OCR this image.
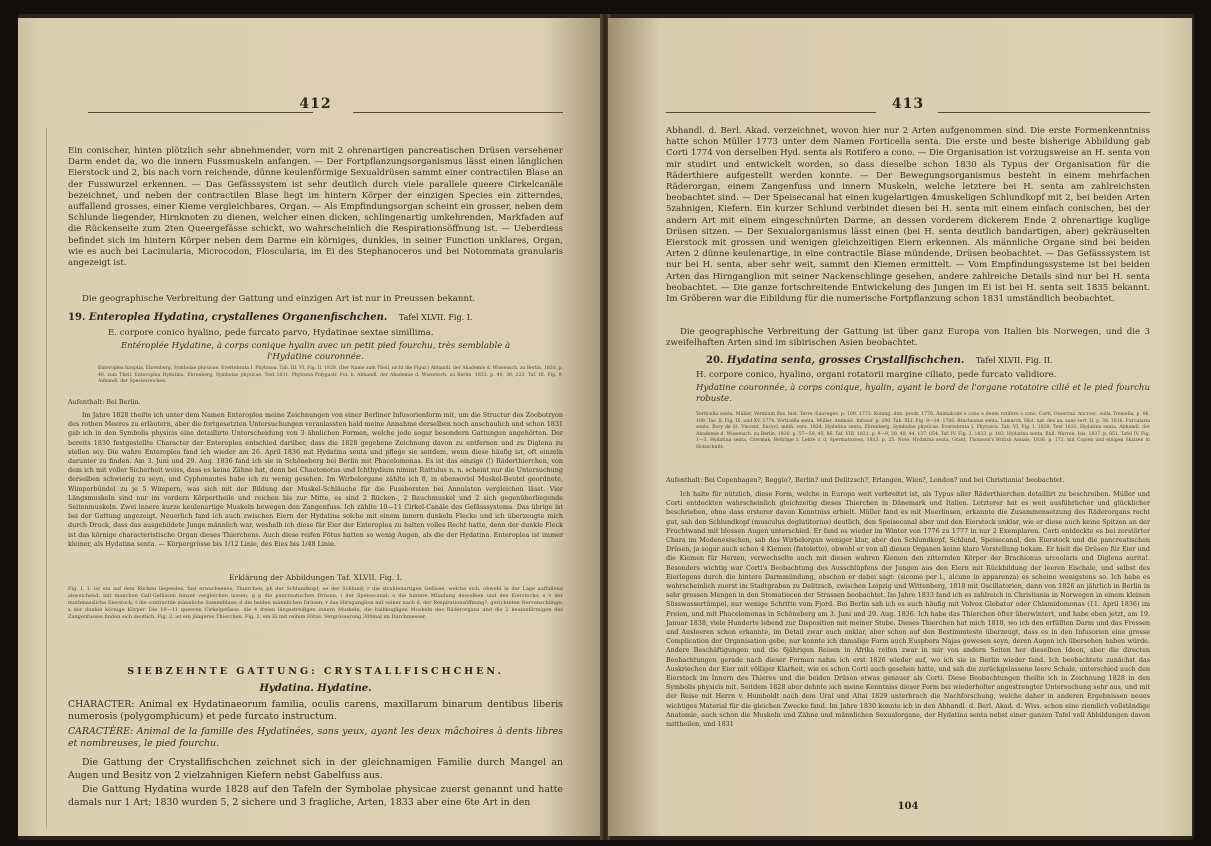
412
Ein conischer, hinten plötzlich sehr abnehmender, vorn mit 2 ohrenartigen pancreatischen Drüsen versehener Darm endet da, wo die innern Fussmuskeln anfangen. — Der Fortpflanzungsorganismus lässt einen länglichen Eierstock und 2, bis nach vorn reichende, dünne keulenförmige Sexualdrüsen sammt einer contractilen Blase an der Fusswurzel erkennen. — Das Gefässsystem ist sehr deutlich durch viele parallele queere Cirkelcanäle bezeichnet, und neben der contractilen Blase liegt im hintern Körper der einzigen Species ein zitterndes, auffallend grosses, einer Kieme vergleichbares, Organ. — Als Empfindungsorgan scheint ein grosser, neben dem Schlunde liegender, Hirnknoten zu dienen, welcher einen dicken, schlingenartig umkehrenden, Markfaden auf die Rückenseite zum 2ten Queergefässe schickt, wo wahrscheinlich die Respirationsöffnung ist. — Ueberdiess befindet sich im hintern Körper neben dem Darme ein körniges, dunkles, in seiner Function unklares, Organ, wie es auch bei Lacinularia, Microcodon, Floscularia, im Ei des Stephanoceros und bei Notommata granularis angezeigt ist.
Die geographische Verbreitung der Gattung und einzigen Art ist nur in Preussen bekannt.
19. Enteroplea Hydatina, crystallenes Organenfischchen. Tafel XLVII. Fig. I.
E. corpore conico hyalino, pede furcato parvo, Hydatinae sextae simillima.
Entéroplée Hydatine, à corps conique hyalin avec un petit pied fourchu, très semblable à l'Hydatine couronnée.
Enteroplea hauptia, Ehrenberg, Symbolae physicae. Evertebrata I. Phytozoa. Tab. III. VI. Fig. II. 1828. (Der Name zum Theil, nicht die Figur.) Abhandl. der Akademie d. Wissensch. zu Berlin, 1830. p. 46. zum Theil. Enteroplea Hydatina, Ehrenberg, Symbolae physicae. Text 1831. Phytozoa Polygastr. Fol. b. Abhandl. der Akademie d. Wissensch. zu Berlin, 1833. p. 40, 30, 223. Taf. III. Fig. 9. Abhandl. der Speciesreichen.
Aufenthalt: Bei Berlin.
Im Jahre 1828 theilte ich unter dem Namen Enteroplea meine Zeichnungen von einer Berliner Infusorienform mit, um die Structur des Zoobotryon des rothen Meeres zu erläutern, aber die fortgesetzten Untersuchungen veranlassten bald meine Annahme derselben noch anschaulich und schon 1831 gab ich in den Symbolis physicis eine detaillirte Unterscheidung von 3 ähnlichen Formen, welche jede sogar besondern Gattungen angehörten. Der bereits 1830 festgestellte Character der Enteroplea entschied darüber, dass die 1828 gegebene Zeichnung davon zu entfernen und zu Diglena zu stellen sey. Die wahre Enteroplea fand ich wieder am 26. April 1836 mit Hydatina senta und pflege sie seitdem, wenn diese häufig ist, oft einzeln darunter zu finden. Am 3. Juni und 29. Aug. 1836 fand ich sie in Schöneberg bei Berlin mit Phacelomonas. Es ist das einzige (!) Räderthierchen, von dem ich mit voller Sicherheit weiss, dass es keine Zähne hat, denn bei Chaetonotus und Ichthydium nimmt Rattulus n. n. scheint nur die Untersuchung derselben schwierig zu seyn, und Cyphonautes habe ich zu wenig gesehen. Im Wirbelorgane zählte ich 8, in ebensoviel Muskel-Beutel geordnete, Wimperbündel zu je 5 Wimpern, was sich mit der Bildung der Muskel-Schläuche für die Fussborsten bei Annulaten vergleichen lässt. Vier Längsmuskeln sind nur im vordern Körpertheile und reichen bis zur Mitte, es sind 2 Rücken-, 2 Bauchmuskel und 2 sich gegenüberliegende Seitenmuskeln. Zwei innere kurze keulenartige Muskeln bewegen den Zangenfuss. Ich zählte 10—11 Cirkel-Canäle des Gefässsystems. Das übrige ist bei der Gattung angezeigt. Neuerlich fand ich auch zwischen Eiern der Hydatina solche mit einem innern dunkeln Flecke und ich überzeugte mich durch Druck, dass das ausgebildete Junge männlich war, weshalb ich diese für Eier der Enteroplea zu halten volles Recht hatte, denn der dunkle Fleck ist das körnige characteristische Organ dieses Thierchens. Auch diese reifen Fötus hatten so wenig Augen, als die der Hydatina. Enteroplea ist immer kleiner, als Hydatina senta. — Körpergrösse bis 1/12 Linie, des Eies bis 1/48 Linie.
Erklärung der Abbildungen Taf. XLVII. Fig. I.
Fig. I. 1. ist ein auf dem Rücken liegendes, fast erwachsenes, Thierchen; ph der Schlundkopf; oe der Schlund; r die strahlenartigen Gefässe, welche sich, obwohl in der Lage auffallend abweichend, mit manchen Gall-Gefässen hinzer vergleichen lassen; g p die pancreatischen Drüsen; i der Speisecanal; o die hintere Mündung desselben und des Eierstocks; s v der muthmassliche Eierstock; t die contractile männliche Samenblase; d die beiden männlichen Drüsen; r das Hirnganglion mit seiner nach d, der Respirationsöffnung?, gerichteten Nervenschlinge; x der dunkle körnige Körper. Die 10—11 queeren Cirkelgefässe, die 4 freien längsstreifigen innern Muskeln, die halbkugligen Muskeln des Räderorgans und die 2 keulenförmigen des Zangenfusses finden sich deutlich. Fig. 2. ist ein jüngeres Thierchen. Fig. 3. ein Ei mit reifem Fötus. Vergrösserung 300mal im Durchmesser.
SIEBZEHNTE GATTUNG: CRYSTALLFISCHCHEN.
Hydatina. Hydatine.
CHARACTER: Animal ex Hydatinaeorum familia, oculis carens, maxillarum binarum dentibus liberis numerosis (polygomphicum) et pede furcato instructum.
CARACTÈRE: Animal de la famille des Hydatinées, sans yeux, ayant les deux mâchoires à dents libres et nombreuses, le pied fourchu.
Die Gattung der Crystallfischchen zeichnet sich in der gleichnamigen Familie durch Mangel an Augen und Besitz von 2 vielzahnigen Kiefern nebst Gabelfuss aus.
Die Gattung Hydatina wurde 1828 auf den Tafeln der Symbolae physicae zuerst genannt und hatte damals nur 1 Art; 1830 wurden 5, 2 sichere und 3 fragliche, Arten, 1833 aber eine 6te Art in den
413
Abhandl. d. Berl. Akad. verzeichnet, wovon hier nur 2 Arten aufgenommen sind. Die erste Formenkenntniss hatte schon Müller 1773 unter dem Namen Forticella senta. Die erste und beste bisherige Abbildung gab Corti 1774 von derselben Hyd. senta als Rotifero a cono. — Die Organisation ist vorzugsweise an H. senta von mir studirt und entwickelt worden, so dass dieselbe schon 1830 als Typus der Organisation für die Räderthiere aufgestellt werden konnte. — Der Bewegungsorganismus besteht in einem mehrfachen Räderorgan, einem Zangenfuss und innern Muskeln, welche letztere bei H. senta am zahlreichsten beobachtet sind. — Der Speisecanal hat einen kugelartigen 4muskeligen Schlundkopf mit 2, bei beiden Arten 5zahnigen, Kiefern. Ein kurzer Schlund verbindet diesen bei H. senta mit einem einfach conischen, bei der andern Art mit einem eingeschnürten Darme, an dessen vorderem dickerem Ende 2 ohrenartige kuglige Drüsen sitzen. — Der Sexualorganismus lässt einen (bei H. senta deutlich bandartigen, aber) gekräuselten Eierstock mit grossen und wenigen gleichzeitigen Eiern erkennen. Als männliche Organe sind bei beiden Arten 2 dünne keulenartige, in eine contractile Blase mündende, Drüsen beobachtet. — Das Gefässsystem ist nur bei H. senta, aber sehr weit, sammt den Kiemen ermittelt. — Vom Empfindungssysteme ist bei beiden Arten das Hirnganglion mit seiner Nackenschlinge gesehen, andere zahlreiche Details sind nur bei H. senta beobachtet. — Die ganze fortschreitende Entwickelung des Jungen im Ei ist bei H. senta seit 1835 bekannt. Im Gröberen war die Eibildung für die numerische Fortpflanzung schon 1831 umständlich beobachtet.
Die geographische Verbreitung der Gattung ist über ganz Europa von Italien bis Norwegen, und die 3 zweifelhaften Arten sind im sibirischen Asien beobachtet.
20. Hydatina senta, grosses Crystallfischchen. Tafel XLVII. Fig. II.
H. corpore conico, hyalino, organi rotatorii margine ciliato, pede furcato validiore.
Hydatine couronnée, à corps conique, hyalin, ayant le bord de l'organe rotatoire cilié et le pied fourchu robuste.
Vorticella senta, Müller, Vermium fluv. hist. Terre.-Sauvages. p. 109. 1773. Koning. dan. prodr. 1776. Animalcule a cono e dente rotifero a cono, Corti, Osservaz. microsc. sulla Tremella, p. 86, 109. Tav. II. Fig. IX. und XV. 1774. Vorticella senta, Müller, Animalc. Infusor. p. 290. Tab. XLI. Fig. 8—14. 1786. Brachionus senta, Lamarck, Hist. nat. des an. sans vert. II. p. 38. 1816. Furcularia senta, Bory de St. Vincent, Encycl. méth. vers. 1824. Hydatina senta, Ehrenberg, Symbolae physicae. Evertebrata I. Phytozoa. Tab. VI. Fig. I. 1828. Text 1831. Hydatina senta, Abhandl. der Akademie d. Wissensch. zu Berlin, 1830. p. 57—59, 45, 86. Taf. VIII. 1831. p. 9—9, 30, 40, 44, 137. 054. Taf. IV. Fig. 2. 1833. p. 183. Hydatina senta, Bull. Warren, Isis, 1837. p. 851. Tafel IV. Fig. 1—3. Hydatina senta, Czermak, Beiträge z. Lehre v. d. Spermatozoen, 1833. p. 25. Note. Hydatina senta, Grant, Thomson's British Annals, 1836. p. 172. mit Copien und einigen Skizzen in Holzschnitt.
Aufenthalt: Bei Copenhagen?, Reggio?, Berlin? und Delitzsch?, Erlangen, Wien?, London? und bei Christiania! beobachtet.
Ich halte für nützlich, diese Form, welche in Europa weit verbreitet ist, als Typus aller Räderthierchen detaillirt zu beschreiben. Müller und Corti entdeckten wahrscheinlich gleichzeitig dieses Thierchen in Dänemark und Italien. Letzterer hat es weit ausführlicher und glücklicher beschrieben, ohne dass ersterer davon Kenntniss erhielt. Müller fand es mit Meerlinsen, erkannte die Zusammensetzung des Räderorgans recht gut, sah den Schlundkopf (musculus deglutitorius) deutlich, den Speisecanal aber und den Eierstock unklar, wie er diese auch keine Spitzen an der Fruchtwand mit blossen Augen unterschied. Er fand es wieder im Winter von 1776 zu 1777 in nur 2 Exemplaren. Corti entdeckte es bei zerstörter Chara im Modenesischen, sah das Wirbelorgan weniger klar, aber den Schlundkopf, Schlund, Speisecanal, den Eierstock und die pancreatischen Drüsen, ja sogar auch schon 4 Kiemen (fistoletto), obwohl er von all diesen Organen keine klare Vorstellung bekam. Er hielt die Drüsen für Eier und die Kiemen für Herzen, verwechselte auch mit diesen wahren Kiemen den zitternden Körper der Brachionus urceolaris und Diglena aurita!. Besonders wichtig war Corti's Beobachtung des Ausschlüpfens der Jungen aus den Eiern mit Rückbildung der leeren Eischale, und selbst des Eierlegens durch die hintere Darmmündung, obschon er dabei sagt: (sicome per l., alcuno in apparenza) es scheine wenigstens so. Ich habe es wahrscheinlich zuerst im Stadtgraben zu Delitzsch, zwischen Leipzig und Wittenberg, 1818 mit Oscillatorien, dann von 1826 an jährlich in Berlin in sehr grossen Mengen in den Stomatiecen der Strassen beobachtet. Im Jahre 1833 fand ich es zahlreich in Christiania in Norwegen in einem kleinen Süsswassertümpel, nur wenige Schritte vom Fjord. Bei Berlin sah ich es auch häufig mit Volvox Globator oder Chlamidomonas (11. April 1836) im Freien, und mit Phacelomonas in Schöneberg am 3. Juni und 29. Aug. 1836. Ich habe das Thierchen öfter überwintert, und habe eben jetzt, am 19. Januar 1838, viele Hunderte lebend zur Disposition mit meiner Stube. Dieses Thierchen hat mich 1818, wo ich den erfüllten Darm und das Fressen und Ausleeren schon erkannte, im Detail zwar auch unklar, aber schon auf den Bestimmteste überzeugt, dass es in den Infusorien eine grosse Complication der Organisation gebe, nur konnte ich damalige Form auch Euspbora Najas gewesen seyn, deren Augen ich übersehen haben würde. Andere Beschäftigungen und die 6jährigen Reisen in Afrika reifen zwar in mir von andern Seiten her dieselben Ideen, aber die directen Beobachtungen gerade nach dieser Formen nahm ich erst 1826 wieder auf, wo ich sie in Berlin wieder fand. Ich beobachtete zunächst das Auskriechen der Eier mit völliger Klarheit, wie es schon Corti auch gesehen hatte, und sah die zurückgelassene leere Schale, unterschied auch den Eierstock im Innern des Thieres und die beiden Drüsen etwas genauer als Corti. Diese Beobachtungen theilte ich in Zeichnung 1828 in den Symbolis physicis mit. Seitdem 1828 aber dehnte sich meine Kenntniss dieser Form bei wiederholter angestrengter Untersuchung sehr aus, und mit der Reise mit Herrn v. Humboldt nach dem Ural und Altai 1829 unterbrach die Nachforschung, welche daher in anderen Ergebnissen neues wichtiges Material für die gleichen Zwecke fand. Im Jahre 1830 konnte ich in den Abhandl. d. Berl. Akad. d. Wiss. schon eine ziemlich vollständige Anatomie, auch schon die Muskeln und Zähne und männlichen Sexualorgane, der Hydatina senta nebst einer ganzen Tafel voll Abbildungen davon mittheilen, und 1831
104
